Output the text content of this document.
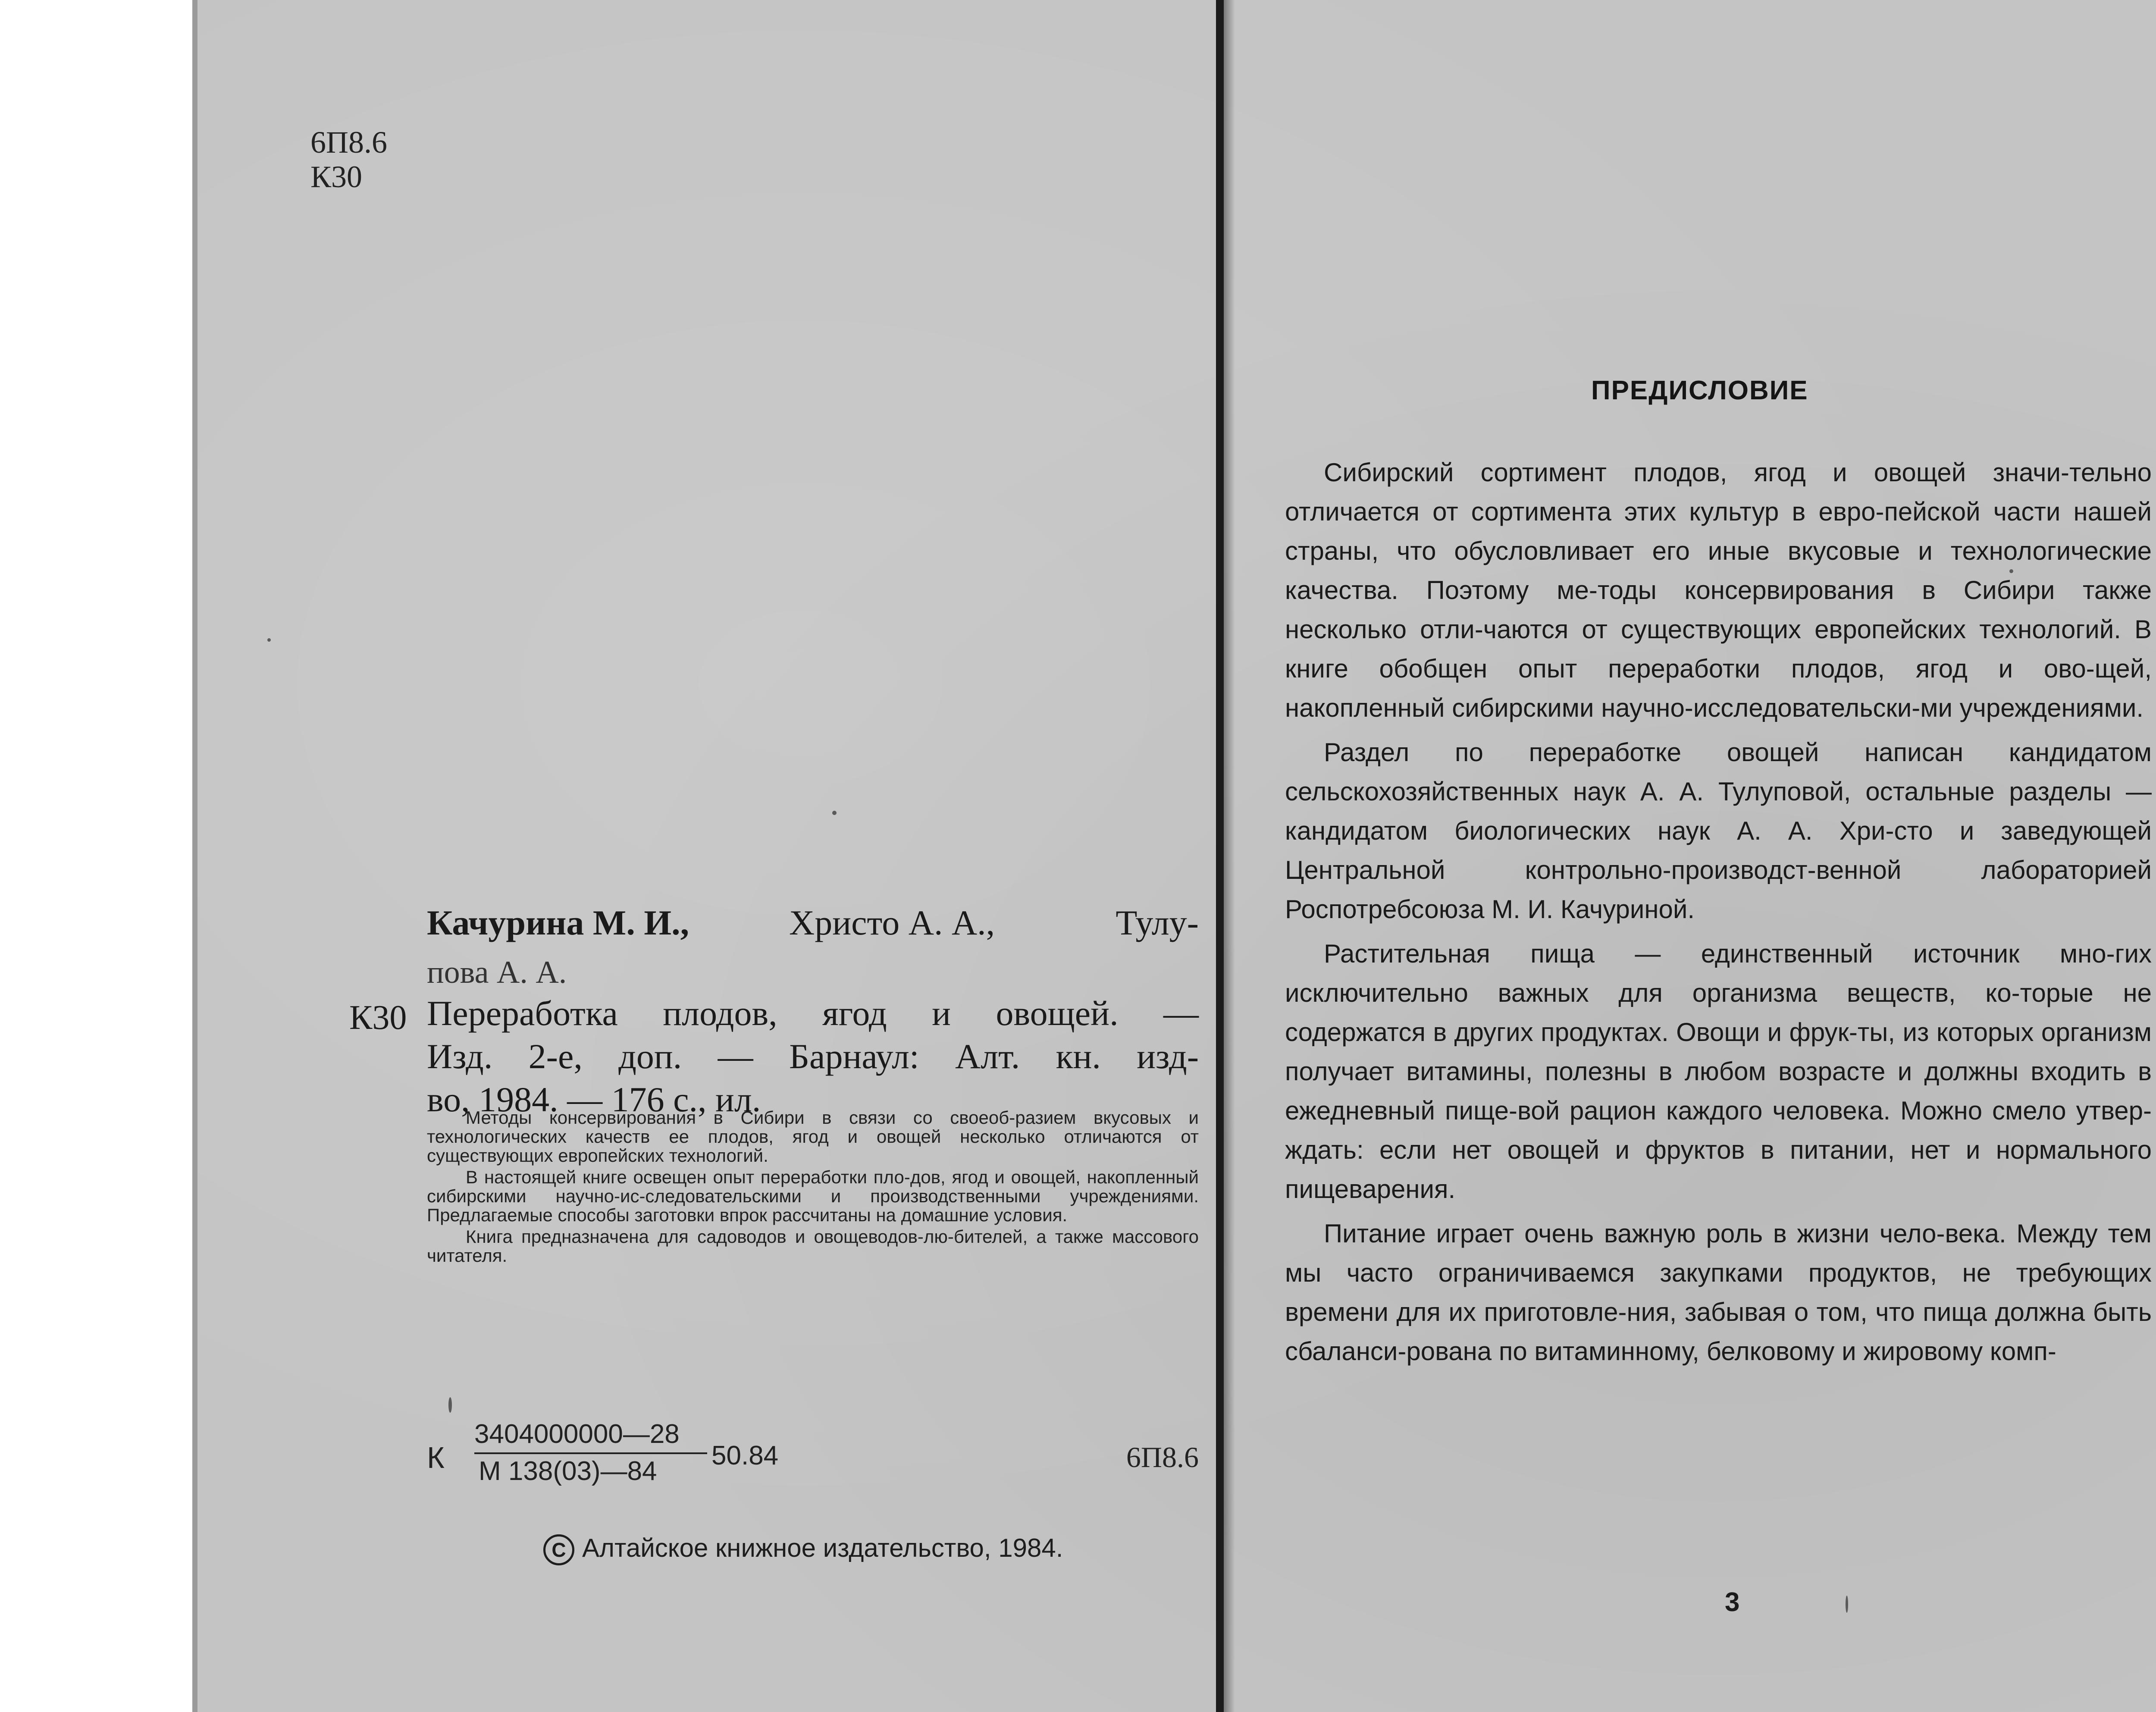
6П8.6
К30
Качурина М. И.,	Христо А. А.,	Тулу-
пова А. А.
К30 Переработка плодов, ягод и овощей. —
Изд. 2-е, доп. — Барнаул: Алт. кн. изд-
во, 1984. — 176 с., ил.
Методы консервирования в Сибири в связи со своеоб-разием вкусовых и технологических качеств ее плодов, ягод и овощей несколько отличаются от существующих европейских технологий.
В настоящей книге освещен опыт переработки пло-дов, ягод и овощей, накопленный сибирскими научно-ис-следовательскими и производственными учреждениями. Предлагаемые способы заготовки впрок рассчитаны на домашние условия.
Книга предназначена для садоводов и овощеводов-лю-бителей, а также массового читателя.
К
3404000000—28
М 138(03)—84
50.84	6П8.6
C Алтайское книжное издательство, 1984.
ПРЕДИСЛОВИЕ
Сибирский сортимент плодов, ягод и овощей значи-тельно отличается от сортимента этих культур в евро-пейской части нашей страны, что обусловливает его иные вкусовые и технологические качества. Поэтому ме-тоды консервирования в Сибири также несколько отли-чаются от существующих европейских технологий. В книге обобщен опыт переработки плодов, ягод и ово-щей, накопленный сибирскими научно-исследовательски-ми учреждениями.
Раздел по переработке овощей написан кандидатом сельскохозяйственных наук А. А. Тулуповой, остальные разделы — кандидатом биологических наук А. А. Хри-сто и заведующей Центральной контрольно-производст-венной лабораторией Роспотребсоюза М. И. Качуриной.
Растительная пища — единственный источник мно-гих исключительно важных для организма веществ, ко-торые не содержатся в других продуктах. Овощи и фрук-ты, из которых организм получает витамины, полезны в любом возрасте и должны входить в ежедневный пище-вой рацион каждого человека. Можно смело утвер-ждать: если нет овощей и фруктов в питании, нет и нормального пищеварения.
Питание играет очень важную роль в жизни чело-века. Между тем мы часто ограничиваемся закупками продуктов, не требующих времени для их приготовле-ния, забывая о том, что пища должна быть сбаланси-рована по витаминному, белковому и жировому комп-
3
